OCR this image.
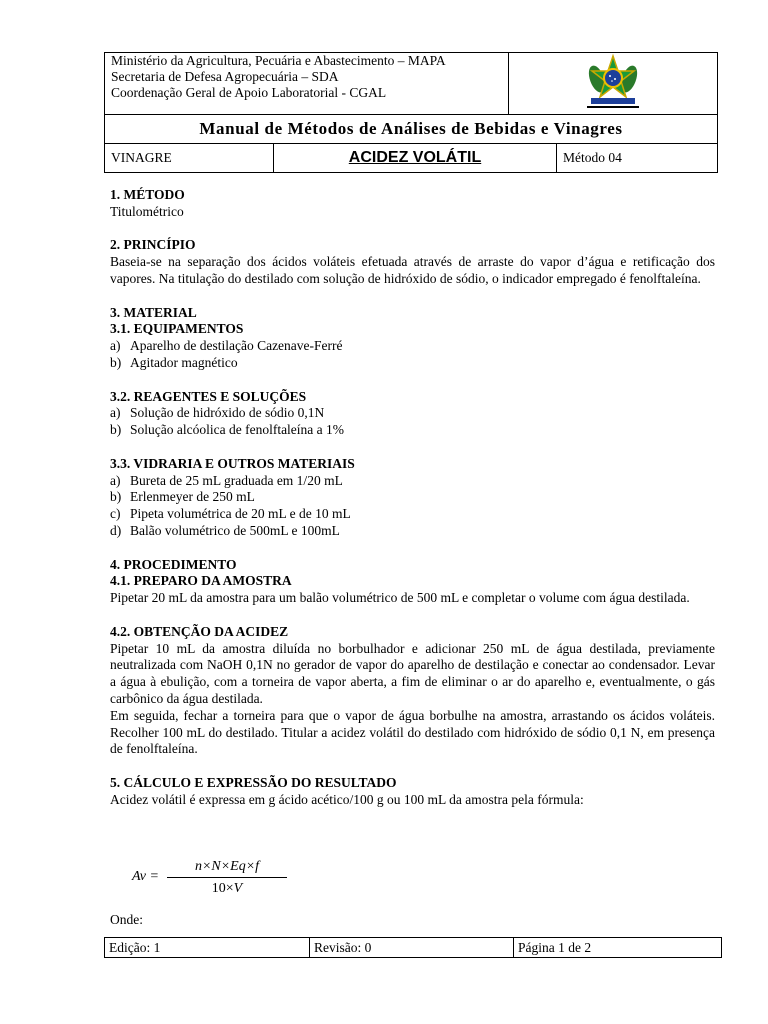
Ministério da Agricultura, Pecuária e Abastecimento – MAPA
Secretaria de Defesa Agropecuária – SDA
Coordenação Geral de Apoio Laboratorial - CGAL

Manual de Métodos de Análises de Bebidas e Vinagres

VINAGRE	ACIDEZ VOLÁTIL	Método 04
1. MÉTODO
Titulométrico
2. PRINCÍPIO
Baseia-se na separação dos ácidos voláteis efetuada através de arraste do vapor d’água e retificação dos vapores. Na titulação do destilado com solução de hidróxido de sódio, o indicador empregado é fenolftaleína.
3. MATERIAL
3.1. EQUIPAMENTOS
a) Aparelho de destilação Cazenave-Ferré
b) Agitador magnético
3.2. REAGENTES E SOLUÇÕES
a) Solução de hidróxido de sódio 0,1N
b) Solução alcóolica de fenolftaleína a 1%
3.3. VIDRARIA E OUTROS MATERIAIS
a) Bureta de 25 mL graduada em 1/20 mL
b) Erlenmeyer de 250 mL
c) Pipeta volumétrica de 20 mL e de 10 mL
d) Balão volumétrico de 500mL e 100mL
4. PROCEDIMENTO
4.1. PREPARO DA AMOSTRA
Pipetar 20 mL da amostra para um balão volumétrico de 500 mL e completar o volume com água destilada.
4.2. OBTENÇÃO DA ACIDEZ
Pipetar 10 mL da amostra diluída no borbulhador e adicionar 250 mL de água destilada, previamente neutralizada com NaOH 0,1N no gerador de vapor do aparelho de destilação e conectar ao condensador. Levar a água à ebulição, com a torneira de vapor aberta, a fim de eliminar o ar do aparelho e, eventualmente, o gás carbônico da água destilada.
Em seguida, fechar a torneira para que o vapor de água borbulhe na amostra, arrastando os ácidos voláteis. Recolher 100 mL do destilado. Titular a acidez volátil do destilado com hidróxido de sódio 0,1 N, em presença de fenolftaleína.
5. CÁLCULO E EXPRESSÃO DO RESULTADO
Acidez volátil é expressa em g ácido acético/100 g ou 100 mL da amostra pela fórmula:
Av =
n×N×Eq×f
10×V
Onde:
Edição: 1	Revisão: 0	Página 1 de 2
